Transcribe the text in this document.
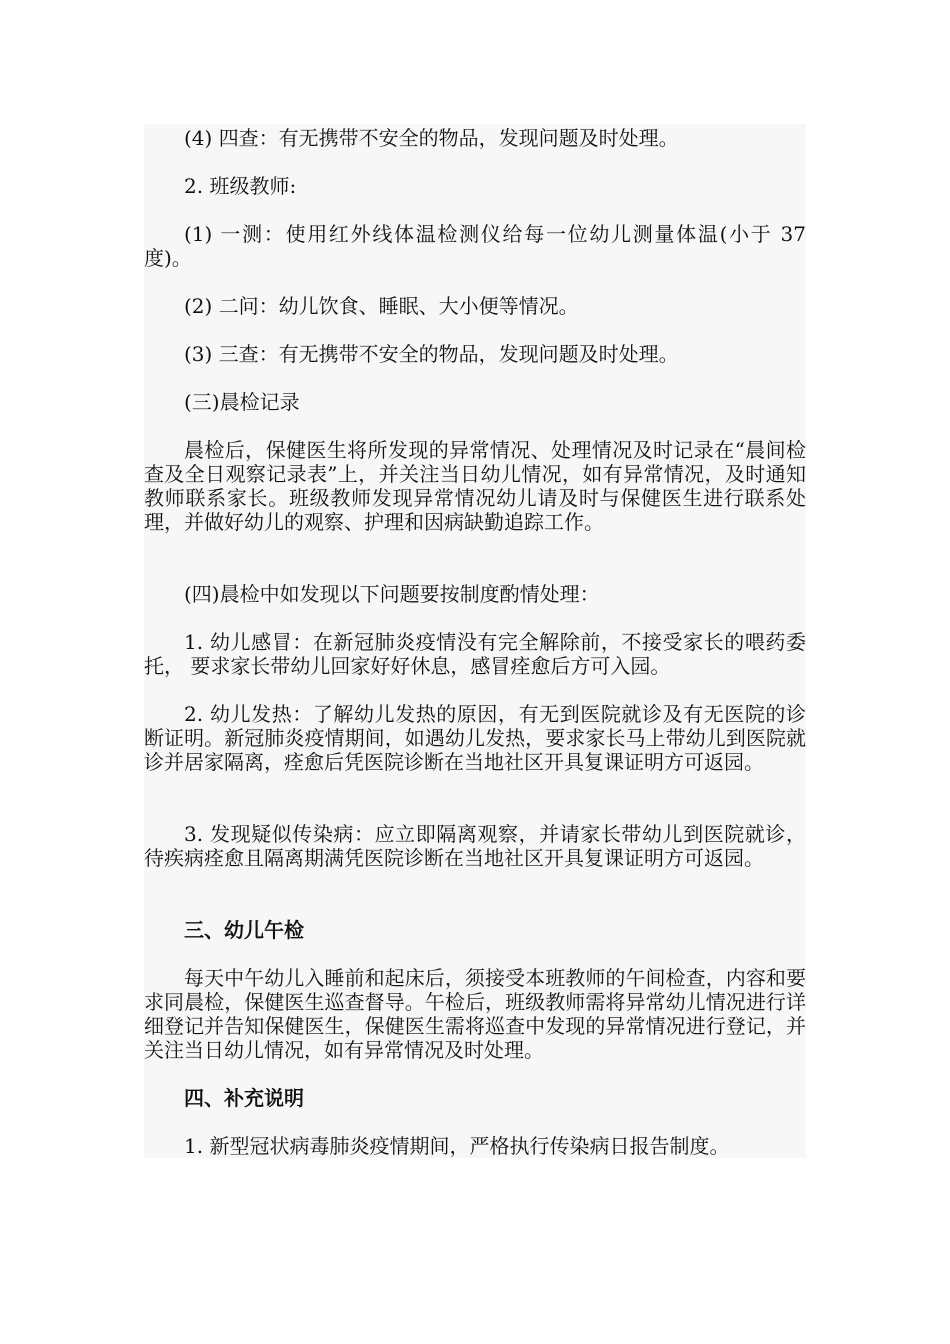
(4) 四查：有无携带不安全的物品，发现问题及时处理。

2. 班级教师:

(1) 一测：使用红外线体温检测仪给每一位幼儿测量体温(小于 37 度)。

(2) 二问：幼儿饮食、睡眠、大小便等情况。

(3) 三查：有无携带不安全的物品，发现问题及时处理。

(三)晨检记录

晨检后，保健医生将所发现的异常情况、处理情况及时记录在“晨间检查及全日观察记录表”上，并关注当日幼儿情况，如有异常情况，及时通知教师联系家长。班级教师发现异常情况幼儿请及时与保健医生进行联系处理，并做好幼儿的观察、护理和因病缺勤追踪工作。

(四)晨检中如发现以下问题要按制度酌情处理：

1. 幼儿感冒：在新冠肺炎疫情没有完全解除前，不接受家长的喂药委托， 要求家长带幼儿回家好好休息，感冒痊愈后方可入园。

2. 幼儿发热：了解幼儿发热的原因，有无到医院就诊及有无医院的诊断证明。新冠肺炎疫情期间，如遇幼儿发热，要求家长马上带幼儿到医院就诊并居家隔离，痊愈后凭医院诊断在当地社区开具复课证明方可返园。

3. 发现疑似传染病：应立即隔离观察，并请家长带幼儿到医院就诊，待疾病痊愈且隔离期满凭医院诊断在当地社区开具复课证明方可返园。

三、幼儿午检

每天中午幼儿入睡前和起床后，须接受本班教师的午间检查，内容和要求同晨检，保健医生巡查督导。午检后，班级教师需将异常幼儿情况进行详细登记并告知保健医生，保健医生需将巡查中发现的异常情况进行登记，并关注当日幼儿情况，如有异常情况及时处理。

四、补充说明

1. 新型冠状病毒肺炎疫情期间，严格执行传染病日报告制度。
